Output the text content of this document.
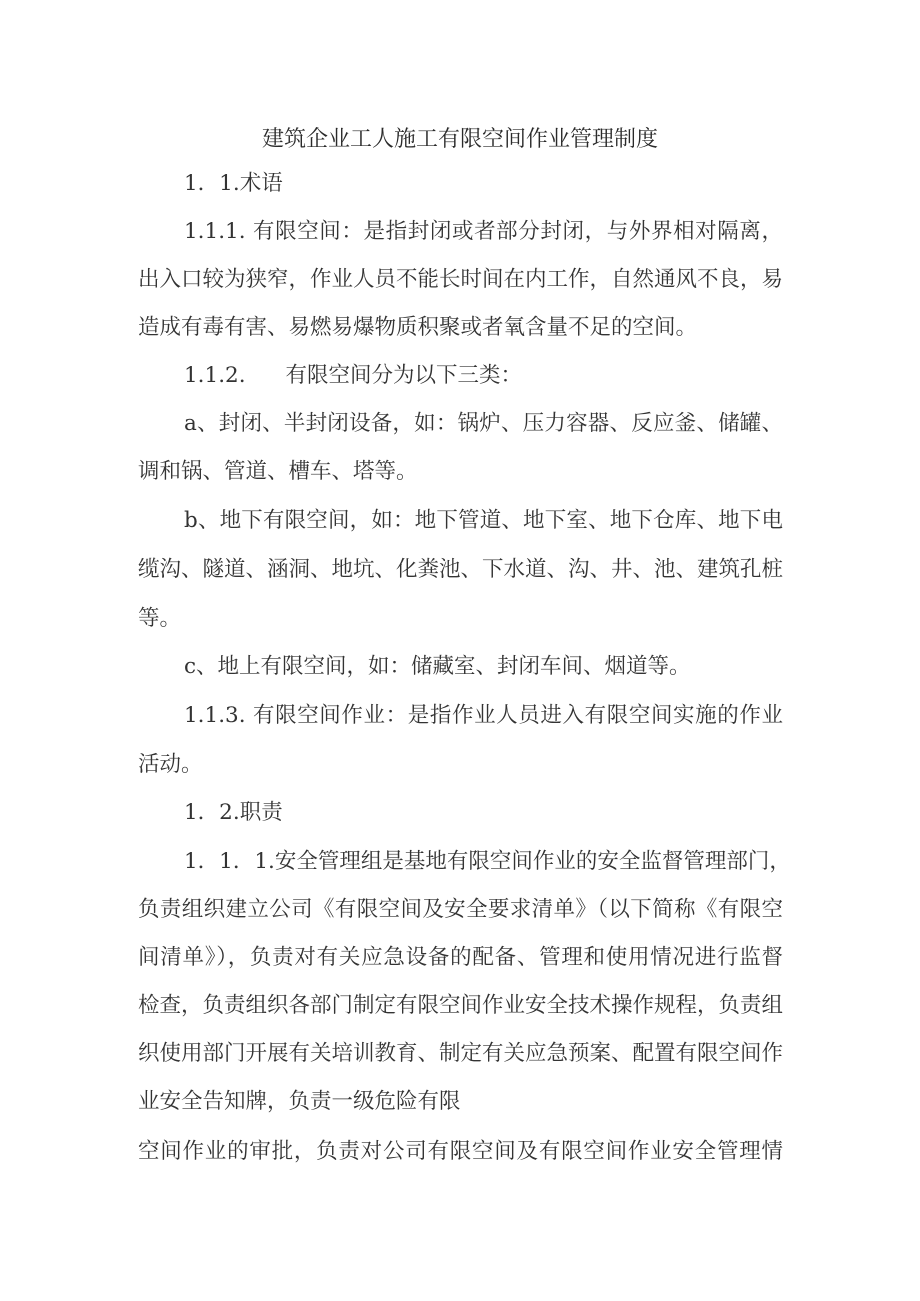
建筑企业工人施工有限空间作业管理制度
1．1.术语
1.1.1. 有限空间：是指封闭或者部分封闭，与外界相对隔离，
出入口较为狭窄，作业人员不能长时间在内工作，自然通风不良，易
造成有毒有害、易燃易爆物质积聚或者氧含量不足的空间。
1.1.2. 有限空间分为以下三类：
a、封闭、半封闭设备，如：锅炉、压力容器、反应釜、储罐、
调和锅、管道、槽车、塔等。
b、地下有限空间，如：地下管道、地下室、地下仓库、地下电
缆沟、隧道、涵洞、地坑、化粪池、下水道、沟、井、池、建筑孔桩
等。
c、地上有限空间，如：储藏室、封闭车间、烟道等。
1.1.3. 有限空间作业：是指作业人员进入有限空间实施的作业
活动。
1．2.职责
1．1．1.安全管理组是基地有限空间作业的安全监督管理部门，
负责组织建立公司《有限空间及安全要求清单》（以下简称《有限空
间清单》），负责对有关应急设备的配备、管理和使用情况进行监督
检查，负责组织各部门制定有限空间作业安全技术操作规程，负责组
织使用部门开展有关培训教育、制定有关应急预案、配置有限空间作
业安全告知牌，负责一级危险有限
空间作业的审批，负责对公司有限空间及有限空间作业安全管理情
